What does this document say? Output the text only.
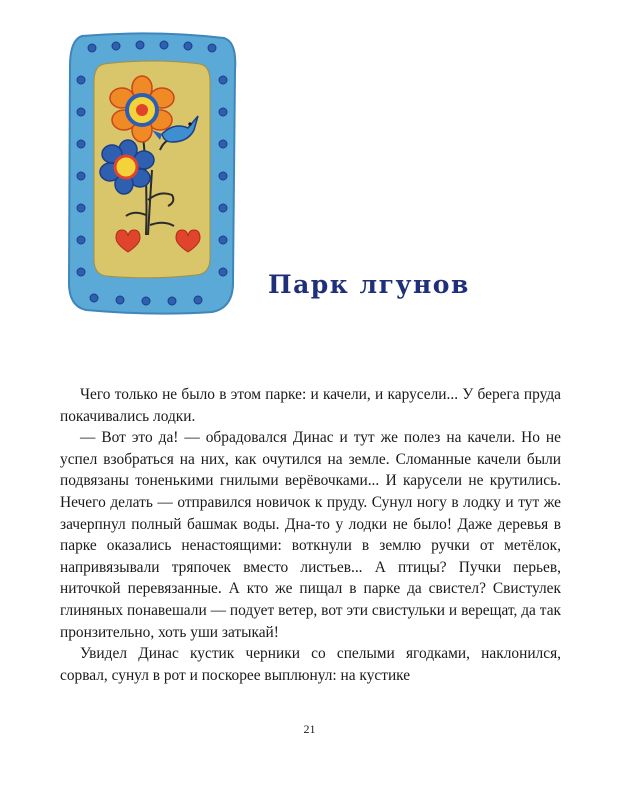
Парк лгунов

Чего только не было в этом парке: и качели, и карусели... У берега пруда покачивались лодки.

— Вот это да! — обрадовался Динас и тут же полез на качели. Но не успел взобраться на них, как очутился на земле. Сломанные качели были подвязаны тоненькими гнилыми верёвочками... И карусели не крутились. Нечего делать — отправился новичок к пруду. Сунул ногу в лодку и тут же зачерпнул полный башмак воды. Дна-то у лодки не было! Даже деревья в парке оказались ненастоящими: воткнули в землю ручки от метёлок, напривязывали тряпочек вместо листьев... А птицы? Пучки перьев, ниточкой перевязанные. А кто же пищал в парке да свистел? Свистулек глиняных понавешали — подует ветер, вот эти свистульки и верещат, да так пронзительно, хоть уши затыкай!

Увидел Динас кустик черники со спелыми ягодками, наклонился, сорвал, сунул в рот и поскорее выплюнул: на кустике

21
